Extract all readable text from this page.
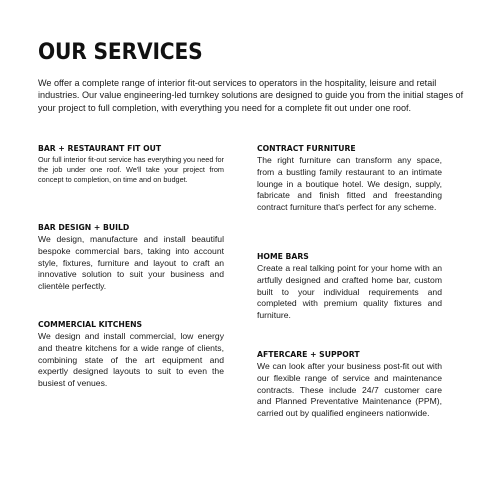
OUR SERVICES

We offer a complete range of interior fit-out services to operators in the hospitality, leisure and retail industries. Our value engineering-led turnkey solutions are designed to guide you from the initial stages of your project to full completion, with everything you need for a complete fit out under one roof.

BAR + RESTAURANT FIT OUT

Our full interior fit-out service has everything you need for the job under one roof. We'll take your project from concept to completion, on time and on budget.

BAR DESIGN + BUILD

We design, manufacture and install beautiful bespoke commercial bars, taking into account style, fixtures, furniture and layout to craft an innovative solution to suit your business and clientèle perfectly.

COMMERCIAL KITCHENS

We design and install commercial, low energy and theatre kitchens for a wide range of clients, combining state of the art equipment and expertly designed layouts to suit to even the busiest of venues.

CONTRACT FURNITURE

The right furniture can transform any space, from a bustling family restaurant to an intimate lounge in a boutique hotel. We design, supply, fabricate and finish fitted and freestanding contract furniture that's perfect for any scheme.

HOME BARS

Create a real talking point for your home with an artfully designed and crafted home bar, custom built to your individual requirements and completed with premium quality fixtures and furniture.

AFTERCARE + SUPPORT

We can look after your business post-fit out with our flexible range of service and maintenance contracts. These include 24/7 customer care and Planned Preventative Maintenance (PPM), carried out by qualified engineers nationwide.
